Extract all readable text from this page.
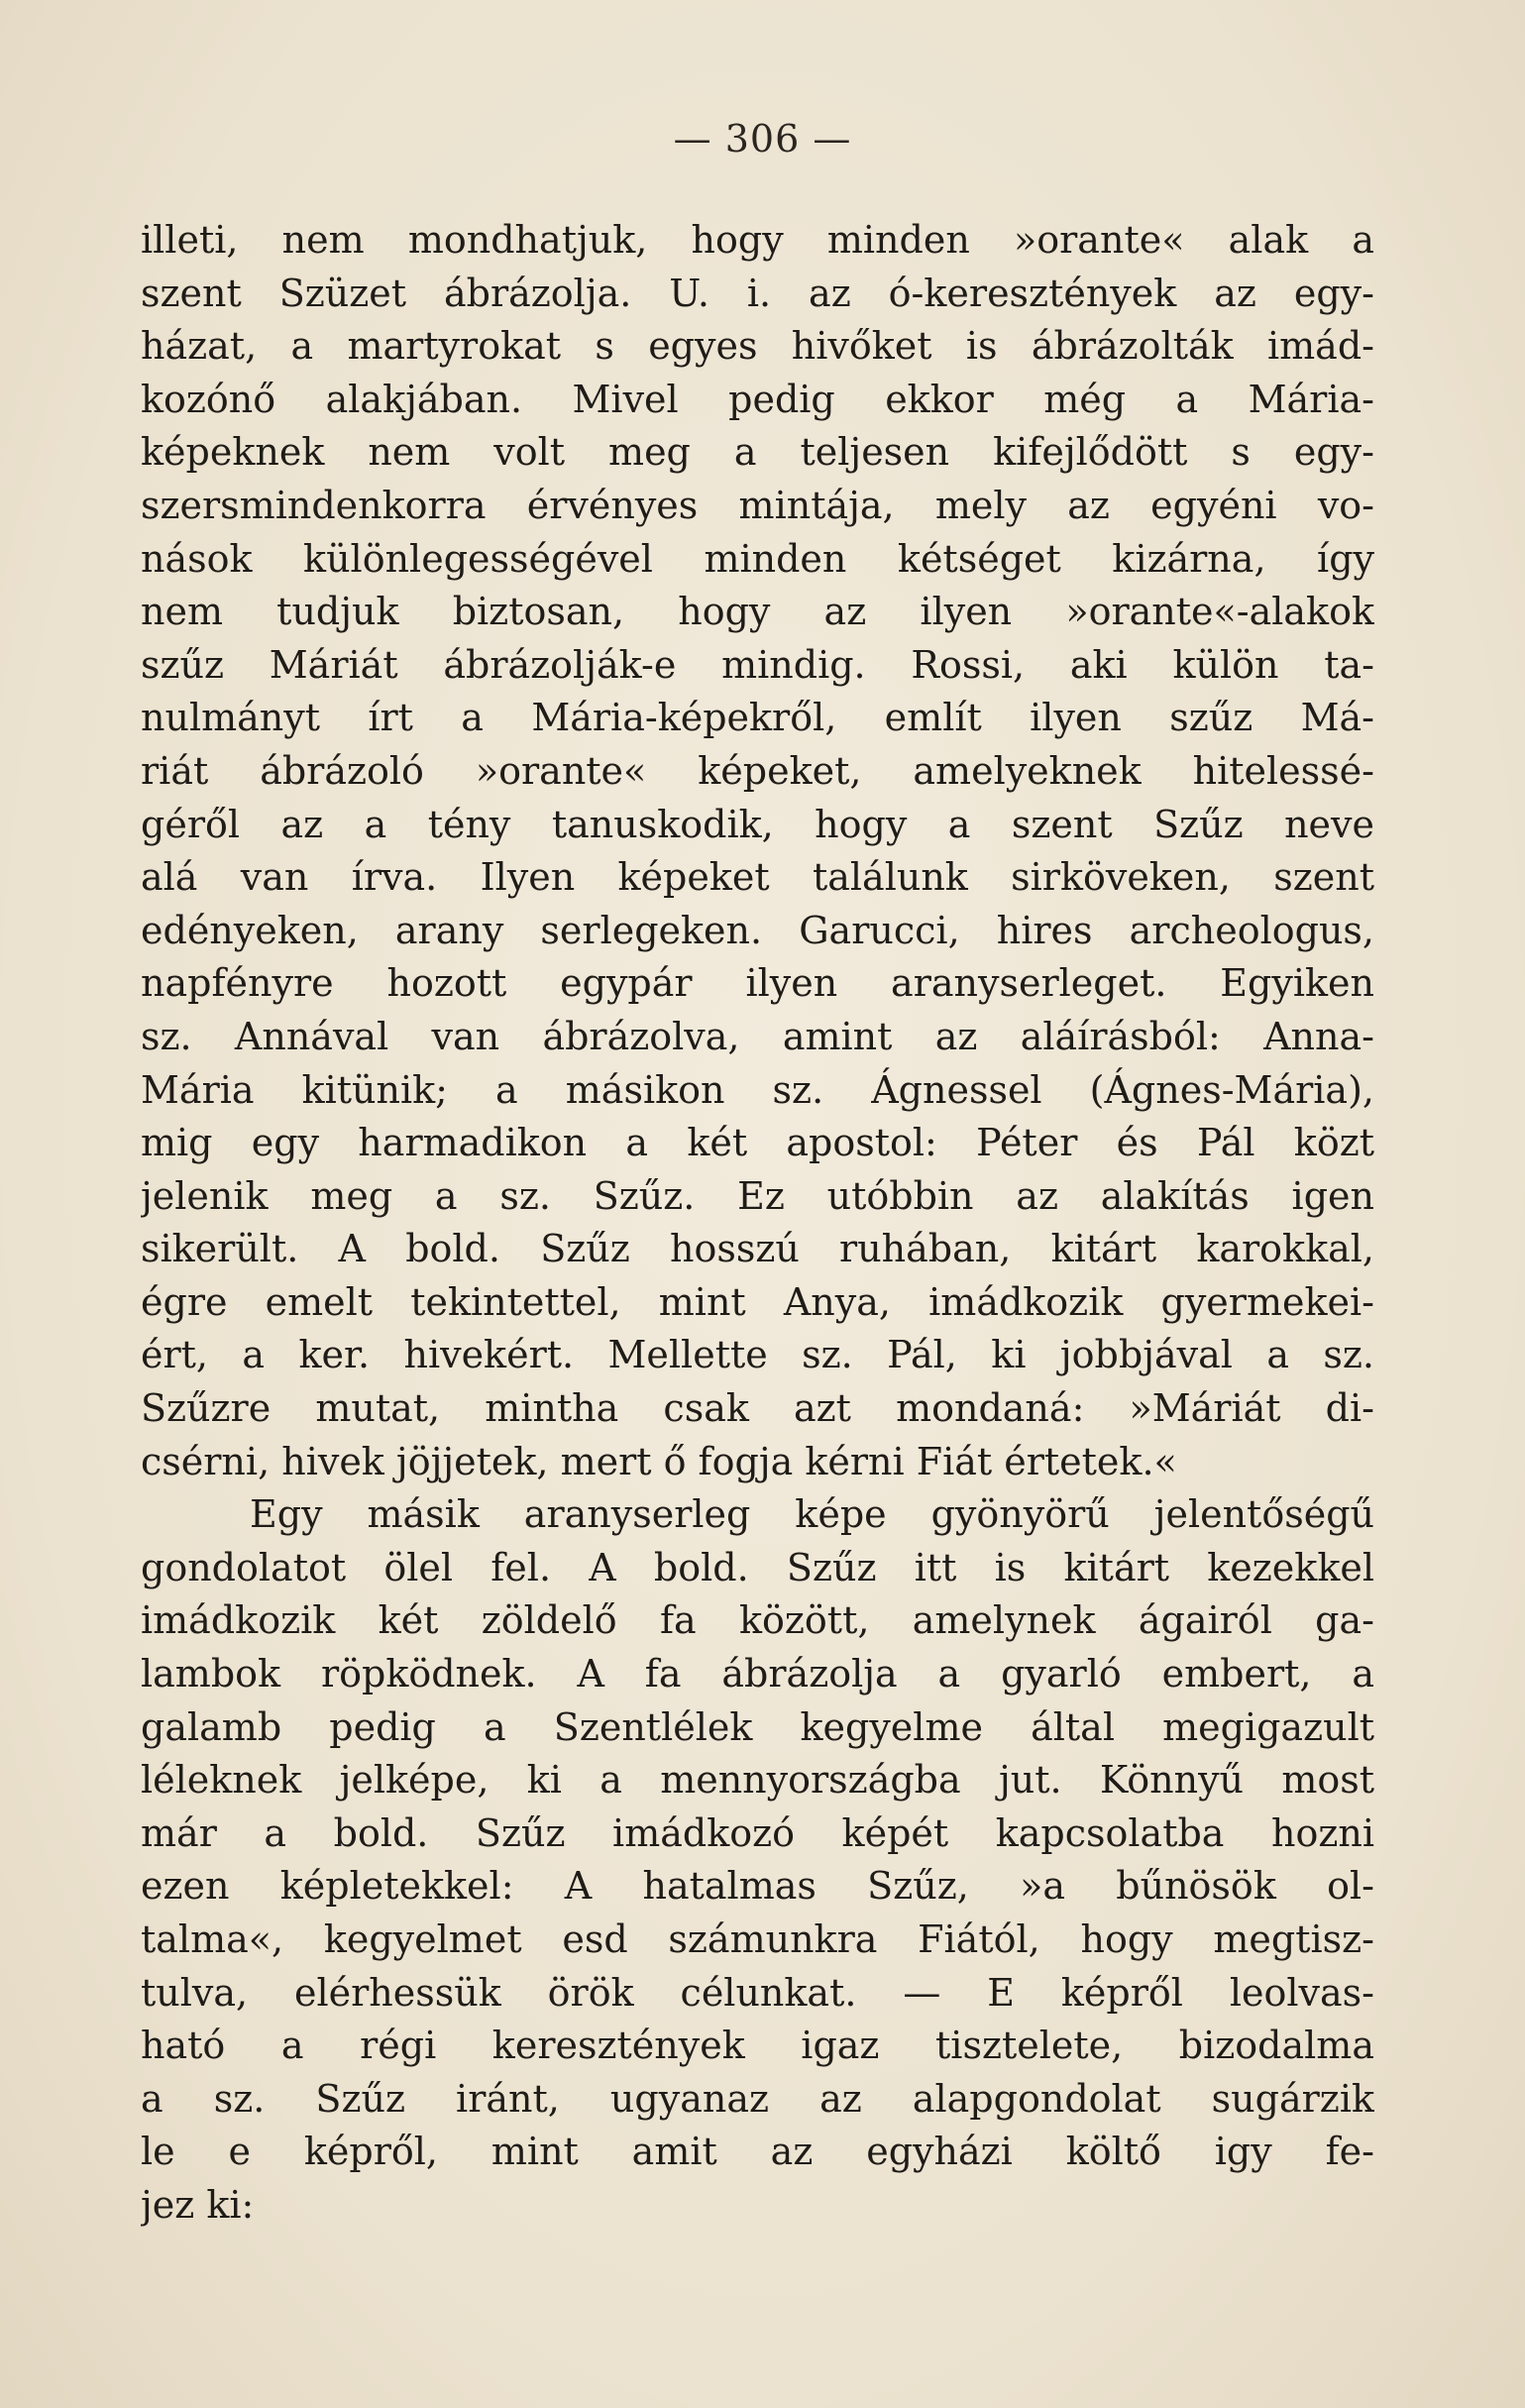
— 306 —
illeti, nem mondhatjuk, hogy minden »orante« alak a
szent Szüzet ábrázolja. U. i. az ó-keresztények az egy-
házat, a martyrokat s egyes hivőket is ábrázolták imád-
kozónő alakjában. Mivel pedig ekkor még a Mária-
képeknek nem volt meg a teljesen kifejlődött s egy-
szersmindenkorra érvényes mintája, mely az egyéni vo-
nások különlegességével minden kétséget kizárna, így
nem tudjuk biztosan, hogy az ilyen »orante«-alakok
szűz Máriát ábrázolják-e mindig. Rossi, aki külön ta-
nulmányt írt a Mária-képekről, említ ilyen szűz Má-
riát ábrázoló »orante« képeket, amelyeknek hitelessé-
géről az a tény tanuskodik, hogy a szent Szűz neve
alá van írva. Ilyen képeket találunk sirköveken, szent
edényeken, arany serlegeken. Garucci, hires archeologus,
napfényre hozott egypár ilyen aranyserleget. Egyiken
sz. Annával van ábrázolva, amint az aláírásból: Anna-
Mária kitünik; a másikon sz. Ágnessel (Ágnes-Mária),
mig egy harmadikon a két apostol: Péter és Pál közt
jelenik meg a sz. Szűz. Ez utóbbin az alakítás igen
sikerült. A bold. Szűz hosszú ruhában, kitárt karokkal,
égre emelt tekintettel, mint Anya, imádkozik gyermekei-
ért, a ker. hivekért. Mellette sz. Pál, ki jobbjával a sz.
Szűzre mutat, mintha csak azt mondaná: »Máriát di-
csérni, hivek jöjjetek, mert ő fogja kérni Fiát értetek.«
Egy másik aranyserleg képe gyönyörű jelentőségű
gondolatot ölel fel. A bold. Szűz itt is kitárt kezekkel
imádkozik két zöldelő fa között, amelynek ágairól ga-
lambok röpködnek. A fa ábrázolja a gyarló embert, a
galamb pedig a Szentlélek kegyelme által megigazult
léleknek jelképe, ki a mennyországba jut. Könnyű most
már a bold. Szűz imádkozó képét kapcsolatba hozni
ezen képletekkel: A hatalmas Szűz, »a bűnösök ol-
talma«, kegyelmet esd számunkra Fiától, hogy megtisz-
tulva, elérhessük örök célunkat. — E képről leolvas-
ható a régi keresztények igaz tisztelete, bizodalma
a sz. Szűz iránt, ugyanaz az alapgondolat sugárzik
le e képről, mint amit az egyházi költő igy fe-
jez ki:
